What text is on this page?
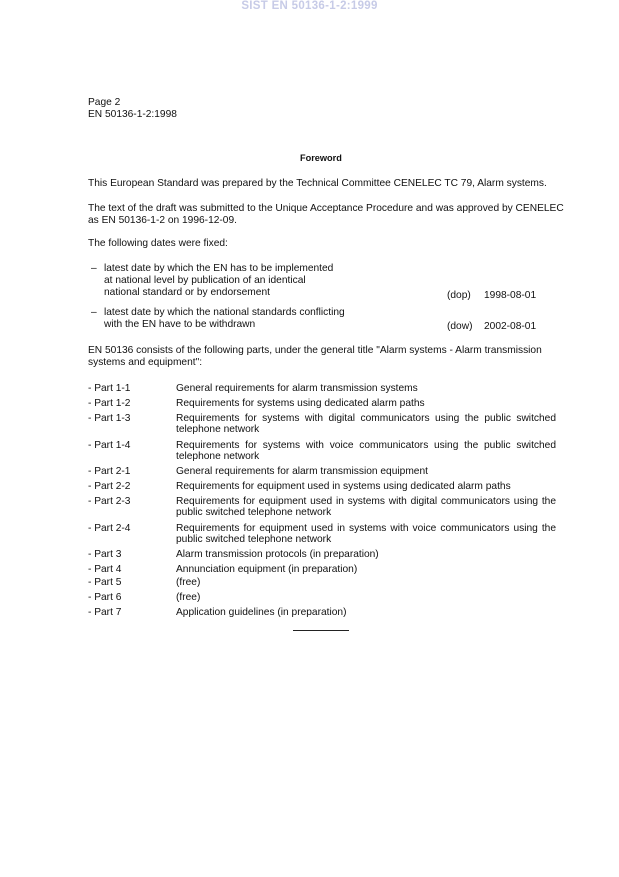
SIST EN 50136-1-2:1999
Page 2
EN 50136-1-2:1998
Foreword
This European Standard was prepared by the Technical Committee CENELEC TC 79, Alarm systems.
The text of the draft was submitted to the Unique Acceptance Procedure and was approved by CENELEC
as EN 50136-1-2 on 1996-12-09.
The following dates were fixed:
– latest date by which the EN has to be implemented
at national level by publication of an identical
national standard or by endorsement	(dop) 1998-08-01
– latest date by which the national standards conflicting
with the EN have to be withdrawn	(dow) 2002-08-01
EN 50136 consists of the following parts, under the general title "Alarm systems - Alarm transmission
systems and equipment":
- Part 1-1	General requirements for alarm transmission systems
- Part 1-2	Requirements for systems using dedicated alarm paths
- Part 1-3	Requirements for systems with digital communicators using the public switched telephone network
- Part 1-4	Requirements for systems with voice communicators using the public switched telephone network
- Part 2-1	General requirements for alarm transmission equipment
- Part 2-2	Requirements for equipment used in systems using dedicated alarm paths
- Part 2-3	Requirements for equipment used in systems with digital communicators using the public switched telephone network
- Part 2-4	Requirements for equipment used in systems with voice communicators using the public switched telephone network
- Part 3	Alarm transmission protocols (in preparation)
- Part 4	Annunciation equipment (in preparation)
- Part 5	(free)
- Part 6	(free)
- Part 7	Application guidelines (in preparation)
